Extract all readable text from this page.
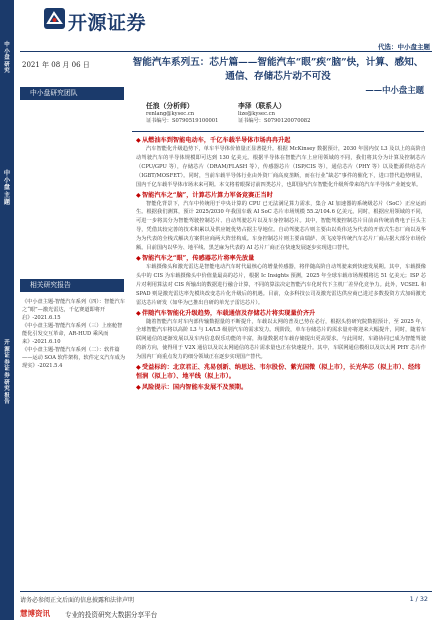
中
小
盘
研
究
中
小
盘
主
题
开
源
证
券
证
券
研
究
报
告
开源证券
代选：中小盘主题
2021 年 08 月 06 日
中小盘研究团队
相关研究报告

《中小盘主题-智能汽车系列（四）：智能汽车之“眼”—激光雷达，千亿赛道即将开启》-2021.6.15

《中小盘主题-智能汽车系列（三）上座舱智能化引发交互革命，AR-HUD 乘风而来》-2021.6.10

《中小盘主题-智能汽车系列（二）：软件篇——运动 SOA 软件架构，软件定义汽车成为现实》-2021.5.4

智能汽车系列五：芯片篇——智能汽车“眼”疾“脑”快，计算、感知、通信、存储芯片动不可没
——中小盘主题
任浪（分析师）
renlang@kysec.cn
证书编号：S0790519100001
李泽（联系人）
lize@kysec.cn
证书编号：S0790120070082
◆从燃油车到智能电动车，千亿车载半导体市场冉冉升起
汽车智能化升级趋势下，单车半导体价值量正显著提升。根据 McKinsey 数据预计，2030 年国内仅 L3 及以上的高阶自动驾驶汽车的半导体规模即可达到 130 亿美元。根据半导体在智能汽车上应用领域的不同，我们将其分为计算及控制芯片（CPU/GPU 等），存储芯片（DRAM/FLASH 等），传感器芯片（ISP/CIS 等），通信芯片（PHY 等）以及能源供给芯片（IGBT/MOSFET）。同时，当前车载半导体行业由外资厂商高度垄断，而在行业“缺芯”事件的催化下，进口替代趋势明显，国内千亿车载半导体市场未来可期。本文将着眼探讨前四类芯片，也即国内汽车智能化升级所带来的汽车半导体产业链变革。
◆智能汽车之“脑”，计算芯片算力军备竞赛正当时
智能化背景下，汽车中传统用于中央计算的 CPU 已无法满足算力需求，集合 AI 加速器的系统级芯片（SoC）正应运而生。根据我们测算，预计 2025/2030 年我国车载 AI SoC 芯片市场规模 55.2/104.6 亿美元。同时，根据应用领域的不同，可进一步将其分为智能驾驶控制芯片、自动驾驶芯片以及车身控制芯片。其中，智能驾驶控制芯片目前由传统消费电子巨头主导，凭借其较完善的技术积累以及供应链优势占据主导地位。自动驾驶芯片则主要由以英伟达为代表的开放式生态厂商以及华为为代表的全栈式解决方案供应商两大阵营构成。车身控制芯片则主要由瑞萨、英飞凌等传统汽车芯片厂商占据大部分市场份额。目前国内以华为、地平线、黑芝麻为代表的 AI 芯片厂商正在快速发展逐步实现进口替代。
◆智能汽车之“眼”，传感器芯片将率先放量
车载摄像头和激光雷达是智能电动汽车时代最核心的增量传感器，将伴随高阶自动驾驶来到快速发展期。其中，车载摄像头中的 CIS 为车载摄像头中价值量最高的芯片，根据 Ic Insights 预测，2025 年全球车载市场规模将达 51 亿美元；ISP 芯片对利用算法对 CIS 所输出的数据进行融合计算，不同的算法决定智能汽车化时代下主机厂差异化竞争力。此外，VCSEL 和 SPAD 则是激光雷达率先模块改变芯片化升级后的机遇。目前，众多科技公司及激光雷达供应商已进过多数投资方式加码激光雷达芯片研发（如华为已推出自研的单光子雷达芯片）。
◆伴随汽车智能化升级趋势，车载通信及存储芯片将实现量价齐升
随着智能汽车对车内部传输数据量的不断提升，车载以太网的普及已势在必行，根据头豹研究院数据预计，至 2025 年，全球智能汽车将以高阶 L3 与 L4/L5 级别汽车的需求发力。现阶段，单车存储芯片的需求量亦将迎来大幅提升，同时，随着车联网通信的逐渐发展以及车内信息娱乐功能的丰富，海量数据对车载存储提出更高要求。与此同时，车路协同已成为智能驾驶的新方向，使得用于 V2X 通信以及以太网通信的芯片需求量也正在快速提升。其中，车联网通信模组以及以太网 PHY 芯片作为国内厂商重点发力的细分领域正在逐步实现国产替代。
◆受益标的：北京君正、兆易创新、纳思达、韦尔股份、紫光国微（拟上市），长光华芯（拟上市）、经纬恒润（拟上市）、地平线（拟上市）。
◆风险提示：国内智能车发展不及预期。
请务必参阅正文后面的信息披露和法律声明	1 / 32
慧博资讯 专业的投资研究大数据分享平台
